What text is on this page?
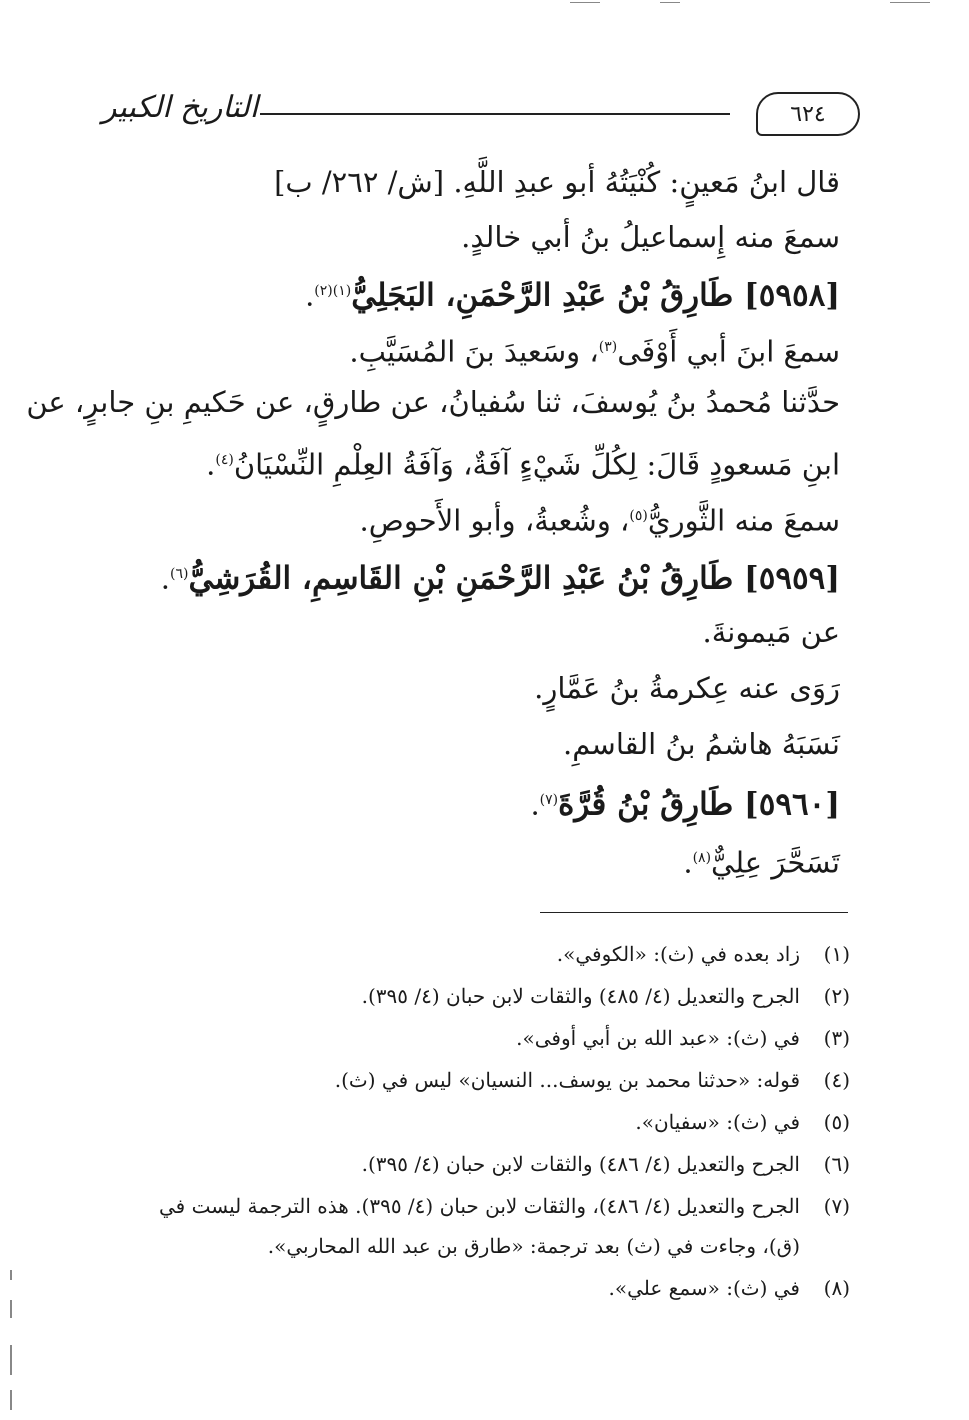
التاريخ الكبير	٦٢٤
قال ابنُ مَعينٍ: كُنْيَتُهُ أبو عبدِ اللَّهِ. [ش/ ٢٦٢/ ب]
سمعَ منه إِسماعيلُ بنُ أبي خالدٍ.
[٥٩٥٨] طَارِقُ بْنُ عَبْدِ الرَّحْمَنِ، البَجَلِيُّ$^{(١)(٢)}$.
سمعَ ابنَ أبي أَوْفَى$^{(٣)}$، وسَعيدَ بنَ المُسَيَّبِ.
حدَّثنا مُحمدُ بنُ يُوسفَ، ثنا سُفيانُ، عن طارقٍ، عن حَكيمِ بنِ جابرٍ، عن
ابنِ مَسعودٍ قَالَ: لِكُلِّ شَيْءٍ آفَةٌ، وَآفَةُ العِلْمِ النِّسْيَانُ$^{(٤)}$.
سمعَ منه الثَّوريُّ$^{(٥)}$، وشُعبةُ، وأبو الأَحوصِ.
[٥٩٥٩] طَارِقُ بْنُ عَبْدِ الرَّحْمَنِ بْنِ القَاسِمِ، القُرَشِيُّ$^{(٦)}$.
عن مَيمونةَ.
رَوَى عنه عِكرمةُ بنُ عَمَّارٍ.
نَسَبَهُ هاشمُ بنُ القاسمِ.
[٥٩٦٠] طَارِقُ بْنُ قُرَّةَ$^{(٧)}$.
تَسَحَّرَ عِلِيٌّ$^{(٨)}$.
(١)زاد بعده في (ث): «الكوفي».
(٢)الجرح والتعديل (٤/ ٤٨٥) والثقات لابن حبان (٤/ ٣٩٥).
(٣)في (ث): «عبد الله بن أبي أوفى».
(٤)قوله: «حدثنا محمد بن يوسف... النسيان» ليس في (ث).
(٥)في (ث): «سفيان».
(٦)الجرح والتعديل (٤/ ٤٨٦) والثقات لابن حبان (٤/ ٣٩٥).
(٧)الجرح والتعديل (٤/ ٤٨٦)، والثقات لابن حبان (٤/ ٣٩٥). هذه الترجمة ليست في
(ق)، وجاءت في (ث) بعد ترجمة: «طارق بن عبد الله المحاربي».
(٨)في (ث): «سمع علي».
